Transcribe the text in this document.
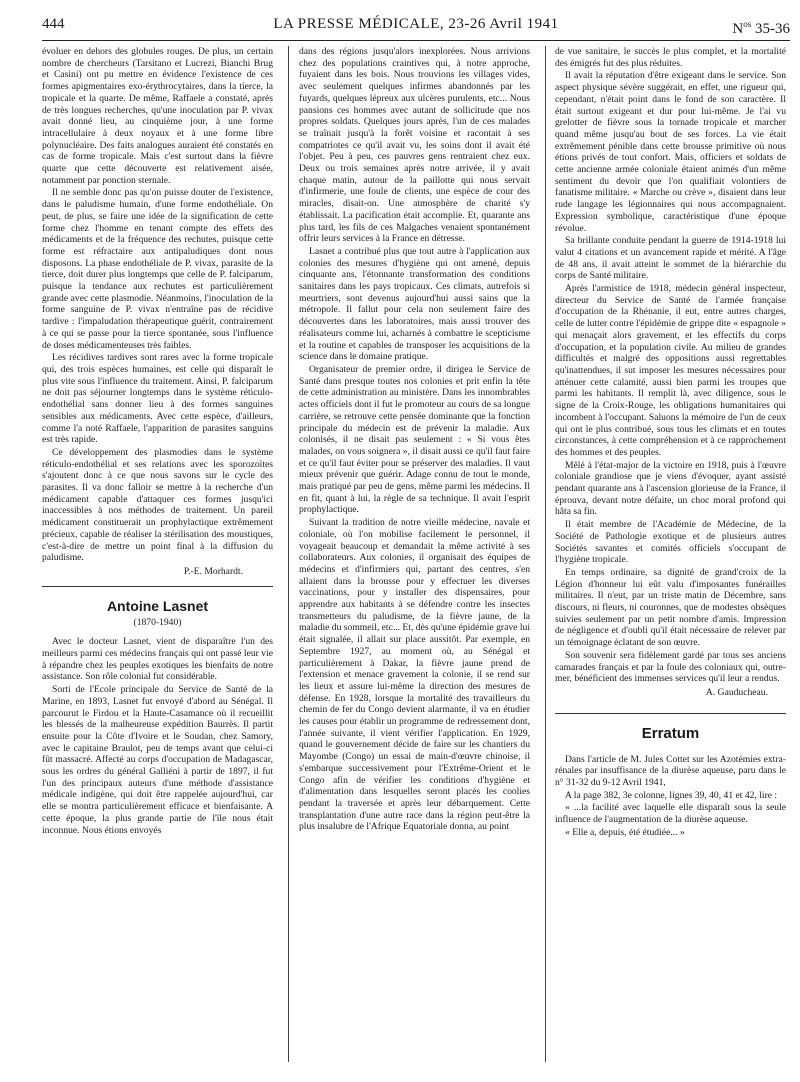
444	LA PRESSE MÉDICALE, 23-26 Avril 1941	$N^{os}$ 35-36

évoluer en dehors des globules rouges. De plus, un certain nombre de chercheurs (Tarsitano et Lucrezi, Bianchi Brug et Casini) ont pu mettre en évidence l'existence de ces formes apigmentaires exo-érythrocytaires, dans la tierce, la tropicale et la quarte. De même, Raffaele a constaté, après de très longues recherches, qu'une inoculation par P. vivax avait donné lieu, au cinquième jour, à une forme intracellulaire à deux noyaux et à une forme libre polynucléaire. Des faits analogues auraient été constatés en cas de forme tropicale. Mais c'est surtout dans la fièvre quarte que cette découverte est relativement aisée, notamment par ponction sternale.

Il ne semble donc pas qu'on puisse douter de l'existence, dans le paludisme humain, d'une forme endothéliale. On peut, de plus, se faire une idée de la signification de cette forme chez l'homme en tenant compte des effets des médicaments et de la fréquence des rechutes, puisque cette forme est réfractaire aux antipaludiques dont nous disposons. La phase endothéliale de P. vivax, parasite de la tierce, doit durer plus longtemps que celle de P. falciparum, puisque la tendance aux rechutes est particulièrement grande avec cette plasmodie. Néanmoins, l'inoculation de la forme sanguine de P. vivax n'entraîne pas de récidive tardive : l'impaludation thérapeutique guérit, contrairement à ce qui se passe pour la tierce spontanée, sous l'influence de doses médicamenteuses très faibles.

Les récidives tardives sont rares avec la forme tropicale qui, des trois espèces humaines, est celle qui disparaît le plus vite sous l'influence du traitement. Ainsi, P. falciparum ne doit pas séjourner longtemps dans le système réticulo-endothélial sans donner lieu à des formes sanguines sensibles aux médicaments. Avec cette espèce, d'ailleurs, comme l'a noté Raffaele, l'apparition de parasites sanguins est très rapide.

Ce développement des plasmodies dans le système réticulo-endothélial et ses relations avec les sporozoïtes s'ajoutent donc à ce que nous savons sur le cycle des parasites. Il va donc falloir se mettre à la recherche d'un médicament capable d'attaquer ces formes jusqu'ici inaccessibles à nos méthodes de traitement. Un pareil médicament constituerait un prophylactique extrêmement précieux, capable de réaliser la stérilisation des moustiques, c'est-à-dire de mettre un point final à la diffusion du paludisme.

P.-E. Morhardt.

Antoine Lasnet
(1870-1940)

Avec le docteur Lasnet, vient de disparaître l'un des meilleurs parmi ces médecins français qui ont passé leur vie à répandre chez les peuples exotiques les bienfaits de notre assistance. Son rôle colonial fut considérable.

Sorti de l'Ecole principale du Service de Santé de la Marine, en 1893, Lasnet fut envoyé d'abord au Sénégal. Il parcourut le Firdou et la Haute-Casamance où il recueillit les blessés de la malheureuse expédition Baurrès. Il partit ensuite pour la Côte d'Ivoire et le Soudan, chez Samory, avec le capitaine Braulot, peu de temps avant que celui-ci fût massacré. Affecté au corps d'occupation de Madagascar, sous les ordres du général Galliéni à partir de 1897, il fut l'un des principaux auteurs d'une méthode d'assistance médicale indigène, qui doit être rappelée aujourd'hui, car elle se montra particulièrement efficace et bienfaisante. A cette époque, la plus grande partie de l'île nous était inconnue. Nous étions envoyés

dans des régions jusqu'alors inexplorées. Nous arrivions chez des populations craintives qui, à notre approche, fuyaient dans les bois. Nous trouvions les villages vides, avec seulement quelques infirmes abandonnés par les fuyards, quelques lépreux aux ulcères purulents, etc... Nous pansions ces hommes avec autant de sollicitude que nos propres soldats. Quelques jours après, l'un de ces malades se traînait jusqu'à la forêt voisine et racontait à ses compatriotes ce qu'il avait vu, les soins dont il avait été l'objet. Peu à peu, ces pauvres gens rentraient chez eux. Deux ou trois semaines après notre arrivée, il y avait chaque matin, autour de la paillotte qui nous servait d'infirmerie, une foule de clients, une espèce de cour des miracles, disait-on. Une atmosphère de charité s'y établissait. La pacification était accomplie. Et, quarante ans plus tard, les fils de ces Malgaches venaient spontanément offrir leurs services à la France en détresse.

Lasnet a contribué plus que tout autre à l'application aux colonies des mesures d'hygiène qui ont amené, depuis cinquante ans, l'étonnante transformation des conditions sanitaires dans les pays tropicaux. Ces climats, autrefois si meurtriers, sont devenus aujourd'hui aussi sains que la métropole. Il fallut pour cela non seulement faire des découvertes dans les laboratoires, mais aussi trouver des réalisateurs comme lui, acharnés à combattre le scepticisme et la routine et capables de transposer les acquisitions de la science dans le domaine pratique.

Organisateur de premier ordre, il dirigea le Service de Santé dans presque toutes nos colonies et prit enfin la tête de cette administration au ministère. Dans les innombrables actes officiels dont il fut le promoteur au cours de sa longue carrière, se retrouve cette pensée dominante que la fonction principale du médecin est de prévenir la maladie. Aux colonisés, il ne disait pas seulement : « Si vous êtes malades, on vous soignera », il disait aussi ce qu'il faut faire et ce qu'il faut éviter pour se préserver des maladies. Il vaut mieux prévenir que guérir. Adage connu de tout le monde, mais pratiqué par peu de gens, même parmi les médecins. Il en fit, quant à lui, la règle de sa technique. Il avait l'esprit prophylactique.

Suivant la tradition de notre vieille médecine, navale et coloniale, où l'on mobilise facilement le personnel, il voyageait beaucoup et demandait la même activité à ses collaborateurs. Aux colonies, il organisait des équipes de médecins et d'infirmiers qui, partant des centres, s'en allaient dans la brousse pour y effectuer les diverses vaccinations, pour y installer des dispensaires, pour apprendre aux habitants à se défendre contre les insectes transmetteurs du paludisme, de la fièvre jaune, de la maladie du sommeil, etc... Et, dès qu'une épidémie grave lui était signalée, il allait sur place aussitôt. Par exemple, en Septembre 1927, au moment où, au Sénégal et particulièrement à Dakar, la fièvre jaune prend de l'extension et menace gravement la colonie, il se rend sur les lieux et assure lui-même la direction des mesures de défense. En 1928, lorsque la mortalité des travailleurs du chemin de fer du Congo devient alarmante, il va en étudier les causes pour établir un programme de redressement dont, l'année suivante, il vient vérifier l'application. En 1929, quand le gouvernement décide de faire sur les chantiers du Mayombe (Congo) un essai de main-d'œuvre chinoise, il s'embarque successivement pour l'Extrême-Orient et le Congo afin de vérifier les conditions d'hygiène et d'alimentation dans lesquelles seront placés les coolies pendant la traversée et après leur débarquement. Cette transplantation d'une autre race dans la région peut-être la plus insalubre de l'Afrique Equatoriale donna, au point

de vue sanitaire, le succès le plus complet, et la mortalité des émigrés fut des plus réduites.

Il avait la réputation d'être exigeant dans le service. Son aspect physique sévère suggérait, en effet, une rigueur qui, cependant, n'était point dans le fond de son caractère. Il était surtout exigeant et dur pour lui-même. Je l'ai vu grelotter de fièvre sous la tornade tropicale et marcher quand même jusqu'au bout de ses forces. La vie était extrêmement pénible dans cette brousse primitive où nous étions privés de tout confort. Mais, officiers et soldats de cette ancienne armée coloniale étaient animés d'un même sentiment du devoir que l'on qualifiait volontiers de fanatisme militaire. « Marche ou crève », disaient dans leur rude langage les légionnaires qui nous accompagnaient. Expression symbolique, caractéristique d'une époque révolue.

Sa brillante conduite pendant la guerre de 1914-1918 lui valut 4 citations et un avancement rapide et mérité. A l'âge de 48 ans, il avait atteint le sommet de la hiérarchie du corps de Santé militaire.

Après l'armistice de 1918, médecin général inspecteur, directeur du Service de Santé de l'armée française d'occupation de la Rhénanie, il eut, entre autres charges, celle de lutter contre l'épidémie de grippe dite « espagnole » qui menaçait alors gravement, et les effectifs du corps d'occupation, et la population civile. Au milieu de grandes difficultés et malgré des oppositions aussi regrettables qu'inattendues, il sut imposer les mesures nécessaires pour atténuer cette calamité, aussi bien parmi les troupes que parmi les habitants. Il remplit là, avec diligence, sous le signe de la Croix-Rouge, les obligations humanitaires qui incombent à l'occupant. Saluons la mémoire de l'un de ceux qui ont le plus contribué, sous tous les climats et en toutes circonstances, à cette compréhension et à ce rapprochement des hommes et des peuples.

Mêlé à l'état-major de la victoire en 1918, puis à l'œuvre coloniale grandiose que je viens d'évoquer, ayant assisté pendant quarante ans à l'ascension glorieuse de la France, il éprouva, devant notre défaite, un choc moral profond qui hâta sa fin.

Il était membre de l'Académie de Médecine, de la Société de Pathologie exotique et de plusieurs autres Sociétés savantes et comités officiels s'occupant de l'hygiène tropicale.

En temps ordinaire, sa dignité de grand'croix de la Légion d'honneur lui eût valu d'imposantes funérailles militaires. Il n'eut, par un triste matin de Décembre, sans discours, ni fleurs, ni couronnes, que de modestes obsèques suivies seulement par un petit nombre d'amis. Impression de négligence et d'oubli qu'il était nécessaire de relever par un témoignage éclatant de son œuvre.

Son souvenir sera fidèlement gardé par tous ses anciens camarades français et par la foule des coloniaux qui, outre-mer, bénéficient des immenses services qu'il leur a rendus.

A. Gauducheau.

Erratum

Dans l'article de M. Jules Cottet sur les Azotémies extra-rénales par insuffisance de la diurèse aqueuse, paru dans le n° 31-32 du 9-12 Avril 1941,

A la page 382, 3e colonne, lignes 39, 40, 41 et 42, lire :

« ...la facilité avec laquelle elle disparaît sous la seule influence de l'augmentation de la diurèse aqueuse.

« Elle a, depuis, été étudiée... »
